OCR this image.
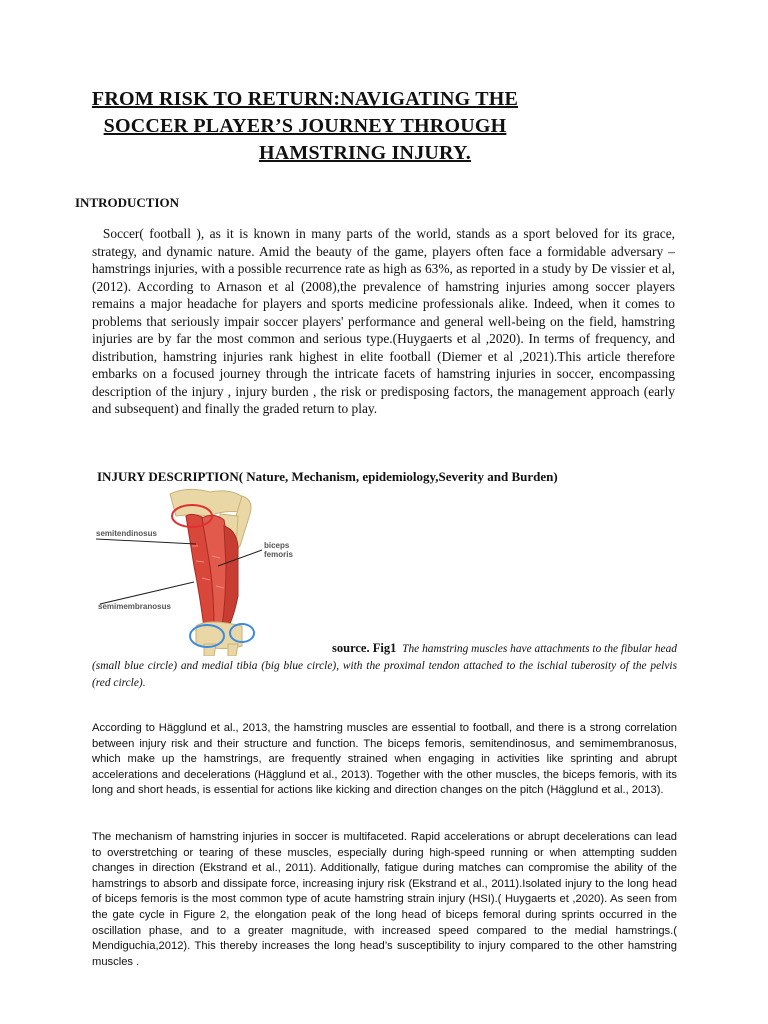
FROM RISK TO RETURN:NAVIGATING THE
SOCCER PLAYER’S JOURNEY THROUGH
HAMSTRING INJURY.
INTRODUCTION
Soccer( football ), as it is known in many parts of the world, stands as a sport beloved for its grace, strategy, and dynamic nature. Amid the beauty of the game, players often face a formidable adversary – hamstrings injuries, with a possible recurrence rate as high as 63%, as reported in a study by De vissier et al,(2012). According to Arnason et al (2008),the prevalence of hamstring injuries among soccer players remains a major headache for players and sports medicine professionals alike. Indeed, when it comes to problems that seriously impair soccer players' performance and general well-being on the field, hamstring injuries are by far the most common and serious type.(Huygaerts et al ,2020). In terms of frequency, and distribution, hamstring injuries rank highest in elite football (Diemer et al ,2021).This article therefore embarks on a focused journey through the intricate facets of hamstring injuries in soccer, encompassing description of the injury , injury burden , the risk or predisposing factors, the management approach (early and subsequent) and finally the graded return to play.
INJURY DESCRIPTION( Nature, Mechanism, epidemiology,Severity and Burden)
semitendinosus
biceps
femoris
semimembranosus
source. Fig1 The hamstring muscles have attachments to the fibular head (small blue circle) and medial tibia (big blue circle), with the proximal tendon attached to the ischial tuberosity of the pelvis (red circle).
According to Hägglund et al., 2013, the hamstring muscles are essential to football, and there is a strong correlation between injury risk and their structure and function. The biceps femoris, semitendinosus, and semimembranosus, which make up the hamstrings, are frequently strained when engaging in activities like sprinting and abrupt accelerations and decelerations (Hägglund et al., 2013). Together with the other muscles, the biceps femoris, with its long and short heads, is essential for actions like kicking and direction changes on the pitch (Hägglund et al., 2013).
The mechanism of hamstring injuries in soccer is multifaceted. Rapid accelerations or abrupt decelerations can lead to overstretching or tearing of these muscles, especially during high-speed running or when attempting sudden changes in direction (Ekstrand et al., 2011). Additionally, fatigue during matches can compromise the ability of the hamstrings to absorb and dissipate force, increasing injury risk (Ekstrand et al., 2011).Isolated injury to the long head of biceps femoris is the most common type of acute hamstring strain injury (HSI).( Huygaerts et ,2020). As seen from the gate cycle in Figure 2, the elongation peak of the long head of biceps femoral during sprints occurred in the oscillation phase, and to a greater magnitude, with increased speed compared to the medial hamstrings.( Mendiguchia,2012). This thereby increases the long head’s susceptibility to injury compared to the other hamstring muscles .
